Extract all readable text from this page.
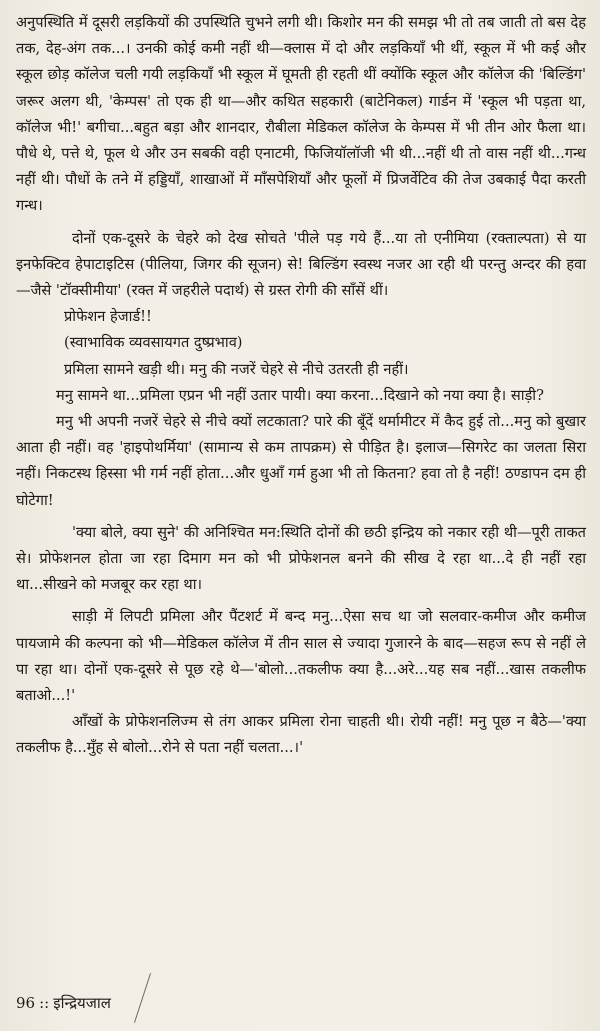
अनुपस्थिति में दूसरी लड़कियों की उपस्थिति चुभने लगी थी। किशोर मन की समझ भी तो तब जाती तो बस देह तक, देह-अंग तक...। उनकी कोई कमी नहीं थी—क्लास में दो और लड़कियाँ भी थीं, स्कूल में भी कई और स्कूल छोड़ कॉलेज चली गयी लड़कियाँ भी स्कूल में घूमती ही रहती थीं क्योंकि स्कूल और कॉलेज की 'बिल्डिंग' जरूर अलग थी, 'केम्पस' तो एक ही था—और कथित सहकारी (बाटेनिकल) गार्डन में 'स्कूल भी पड़ता था, कॉलेज भी!' बगीचा...बहुत बड़ा और शानदार, रौबीला मेडिकल कॉलेज के केम्पस में भी तीन ओर फैला था। पौधे थे, पत्ते थे, फूल थे और उन सबकी वही एनाटमी, फिजियॉलॉजी भी थी...नहीं थी तो वास नहीं थी...गन्ध नहीं थी। पौधों के तने में हड्डियाँ, शाखाओं में माँसपेशियाँ और फूलों में प्रिजर्वेटिव की तेज उबकाई पैदा करती गन्ध।

दोनों एक-दूसरे के चेहरे को देख सोचते 'पीले पड़ गये हैं...या तो एनीमिया (रक्ताल्पता) से या इनफेक्टिव हेपाटाइटिस (पीलिया, जिगर की सूजन) से! बिल्डिंग स्वस्थ नजर आ रही थी परन्तु अन्दर की हवा—जैसे 'टॉक्सीमीया' (रक्त में जहरीले पदार्थ) से ग्रस्त रोगी की साँसें थीं।

प्रोफेशन हेजार्ड!!

(स्वाभाविक व्यवसायगत दुष्प्रभाव)

प्रमिला सामने खड़ी थी। मनु की नजरें चेहरे से नीचे उतरती ही नहीं।

मनु सामने था...प्रमिला एप्रन भी नहीं उतार पायी। क्या करना...दिखाने को नया क्या है। साड़ी?

मनु भी अपनी नजरें चेहरे से नीचे क्यों लटकाता? पारे की बूँदें थर्मामीटर में कैद हुई तो...मनु को बुखार आता ही नहीं। वह 'हाइपोथर्मिया' (सामान्य से कम तापक्रम) से पीड़ित है। इलाज—सिगरेट का जलता सिरा नहीं। निकटस्थ हिस्सा भी गर्म नहीं होता...और धुआँ गर्म हुआ भी तो कितना? हवा तो है नहीं! ठण्डापन दम ही घोटेगा!

'क्या बोले, क्या सुने' की अनिश्चित मन:स्थिति दोनों की छठी इन्द्रिय को नकार रही थी—पूरी ताकत से। प्रोफेशनल होता जा रहा दिमाग मन को भी प्रोफेशनल बनने की सीख दे रहा था...दे ही नहीं रहा था...सीखने को मजबूर कर रहा था।

साड़ी में लिपटी प्रमिला और पैंटशर्ट में बन्द मनु...ऐसा सच था जो सलवार-कमीज और कमीज पायजामे की कल्पना को भी—मेडिकल कॉलेज में तीन साल से ज्यादा गुजारने के बाद—सहज रूप से नहीं ले पा रहा था। दोनों एक-दूसरे से पूछ रहे थे—'बोलो...तकलीफ क्या है...अरे...यह सब नहीं...खास तकलीफ बताओ...!'

आँखों के प्रोफेशनलिज्म से तंग आकर प्रमिला रोना चाहती थी। रोयी नहीं! मनु पूछ न बैठे—'क्या तकलीफ है...मुँह से बोलो...रोने से पता नहीं चलता...।'

96 :: इन्द्रियजाल
